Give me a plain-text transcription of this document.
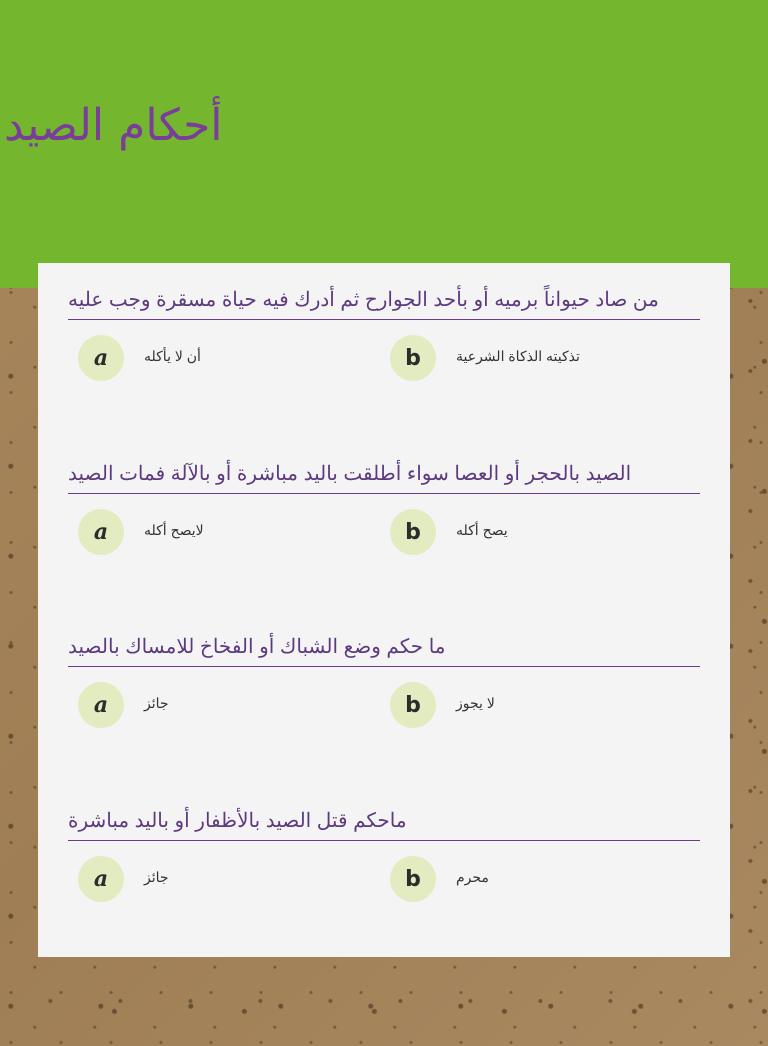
أحكام الصيد
من صاد حيواناً برميه أو بأحد الجوارح ثم أدرك فيه حياة مسقرة وجب عليه
a	أن لا يأكله	b	تذكيته الذكاة الشرعية
الصيد بالحجر أو العصا سواء أطلقت باليد مباشرة أو بالآلة فمات الصيد
a	لايصح أكله	b	يصح أكله
ما حكم وضع الشباك أو الفخاخ للامساك بالصيد
a	جائز	b	لا يجوز
ماحكم قتل الصيد بالأظفار أو باليد مباشرة
a	جائز	b	محرم
